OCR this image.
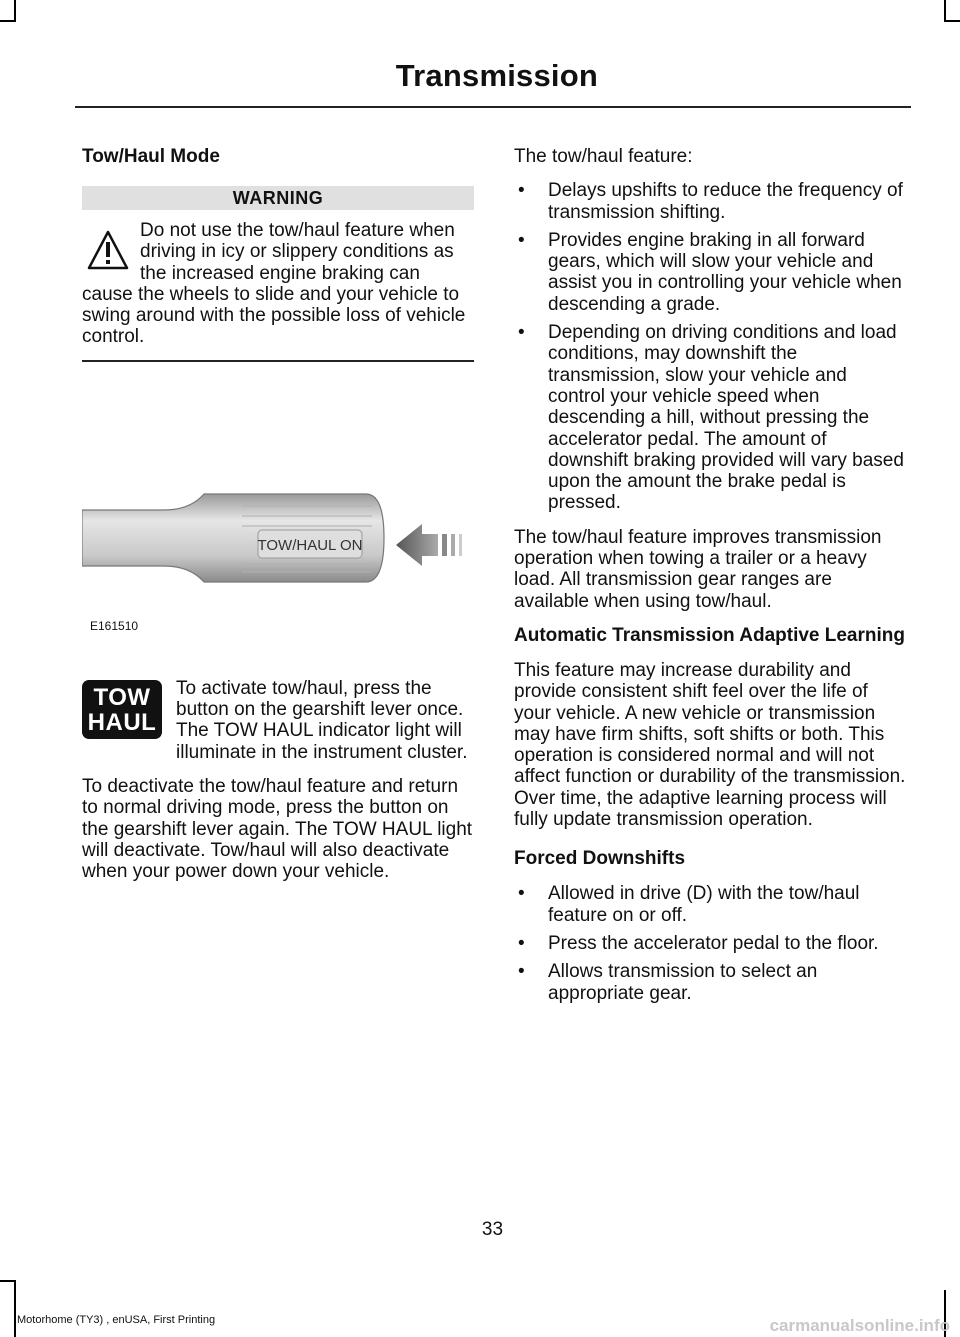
Transmission
Tow/Haul Mode
WARNING

Do not use the tow/haul feature when driving in icy or slippery conditions as the increased engine braking can cause the wheels to slide and your vehicle to swing around with the possible loss of vehicle control.

TOW/HAUL ON
E161510
TOW
HAUL

To activate tow/haul, press the button on the gearshift lever once. The TOW HAUL indicator light will illuminate in the instrument cluster.

To deactivate the tow/haul feature and return to normal driving mode, press the button on the gearshift lever again. The TOW HAUL light will deactivate. Tow/haul will also deactivate when your power down your vehicle.

The tow/haul feature:

• Delays upshifts to reduce the frequency of transmission shifting.
• Provides engine braking in all forward gears, which will slow your vehicle and assist you in controlling your vehicle when descending a grade.
• Depending on driving conditions and load conditions, may downshift the transmission, slow your vehicle and control your vehicle speed when descending a hill, without pressing the accelerator pedal. The amount of downshift braking provided will vary based upon the amount the brake pedal is pressed.

The tow/haul feature improves transmission operation when towing a trailer or a heavy load. All transmission gear ranges are available when using tow/haul.

Automatic Transmission Adaptive Learning

This feature may increase durability and provide consistent shift feel over the life of your vehicle. A new vehicle or transmission may have firm shifts, soft shifts or both. This operation is considered normal and will not affect function or durability of the transmission. Over time, the adaptive learning process will fully update transmission operation.

Forced Downshifts
• Allowed in drive (D) with the tow/haul feature on or off.
• Press the accelerator pedal to the floor.
• Allows transmission to select an appropriate gear.
33
Motorhome (TY3) , enUSA, First Printing	carmanualsonline.info
